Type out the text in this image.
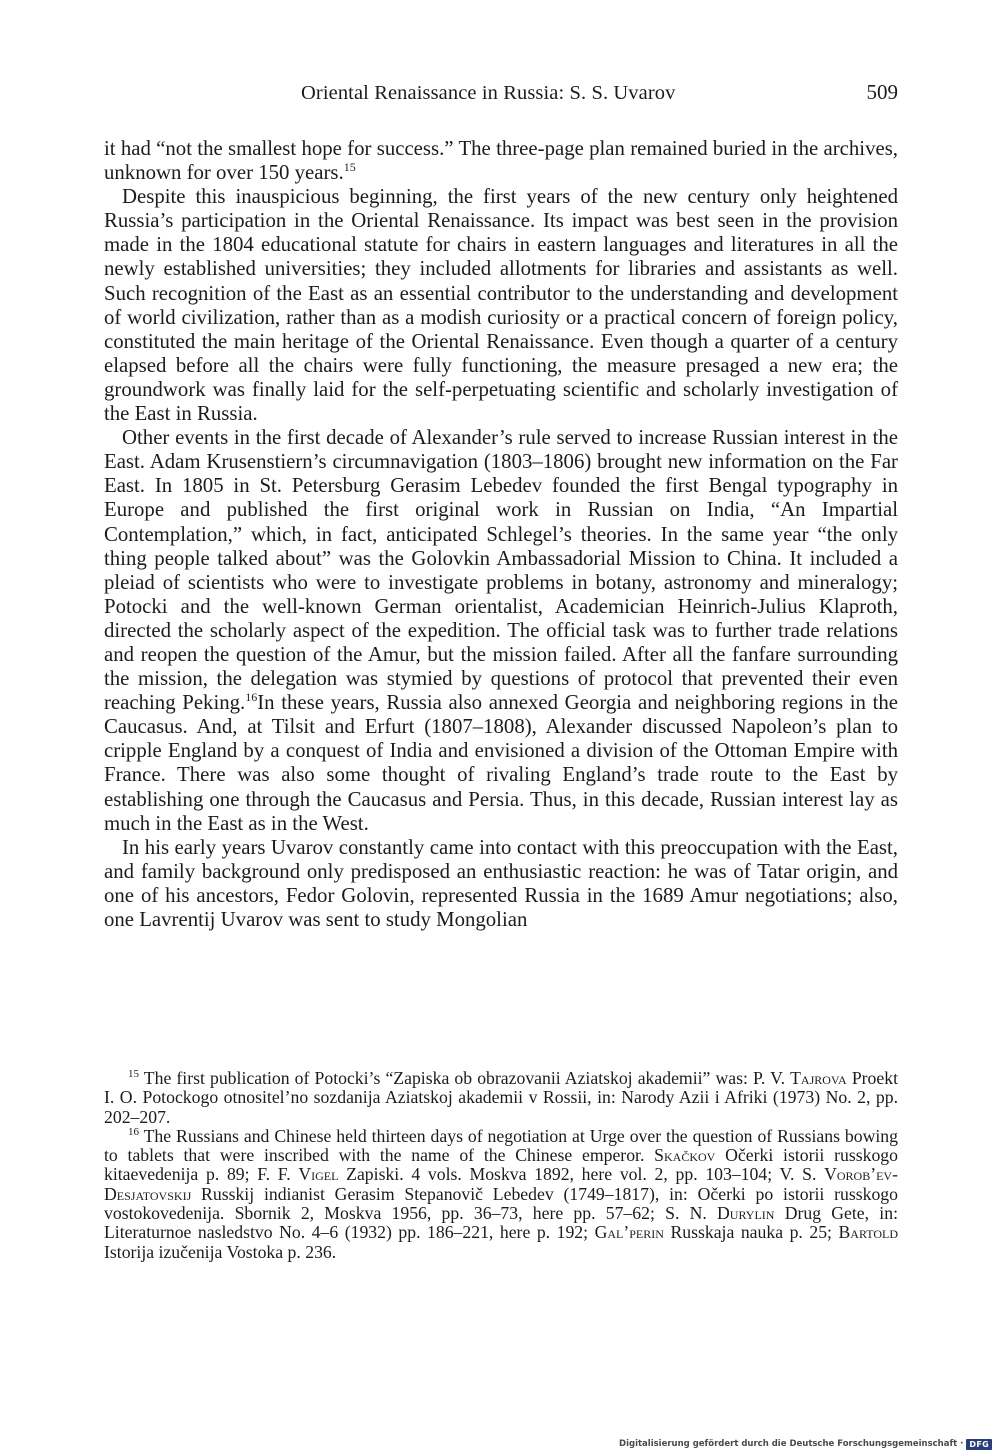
Oriental Renaissance in Russia: S. S. Uvarov	509

it had “not the smallest hope for success.” The three-page plan remained buried in the archives, unknown for over 150 years.$^{15}$

Despite this inauspicious beginning, the first years of the new century only heightened Russia’s participation in the Oriental Renaissance. Its impact was best seen in the provision made in the 1804 educational statute for chairs in eastern languages and literatures in all the newly established universities; they included allotments for libraries and assistants as well. Such recognition of the East as an essential contributor to the understanding and development of world civilization, rather than as a modish curiosity or a practical concern of foreign policy, constituted the main heritage of the Oriental Renaissance. Even though a quarter of a century elapsed before all the chairs were fully functioning, the measure presaged a new era; the groundwork was finally laid for the self-perpetuating scientific and scholarly investigation of the East in Russia.

Other events in the first decade of Alexander’s rule served to increase Russian interest in the East. Adam Krusenstiern’s circumnavigation (1803–1806) brought new information on the Far East. In 1805 in St. Petersburg Gerasim Lebedev founded the first Bengal typography in Europe and published the first original work in Russian on India, “An Impartial Contemplation,” which, in fact, anticipated Schlegel’s theories. In the same year “the only thing people talked about” was the Golovkin Ambassadorial Mission to China. It included a pleiad of scientists who were to investigate problems in botany, astronomy and mineralogy; Potocki and the well-known German orientalist, Academician Heinrich-Julius Klaproth, directed the scholarly aspect of the expedition. The official task was to further trade relations and reopen the question of the Amur, but the mission failed. After all the fanfare surrounding the mission, the delegation was stymied by questions of protocol that prevented their even reaching Peking.$^{16}$In these years, Russia also annexed Georgia and neighboring regions in the Caucasus. And, at Tilsit and Erfurt (1807–1808), Alexander discussed Napoleon’s plan to cripple England by a conquest of India and envisioned a division of the Ottoman Empire with France. There was also some thought of rivaling England’s trade route to the East by establishing one through the Caucasus and Persia. Thus, in this decade, Russian interest lay as much in the East as in the West.

In his early years Uvarov constantly came into contact with this preoccupation with the East, and family background only predisposed an enthusiastic reaction: he was of Tatar origin, and one of his ancestors, Fedor Golovin, represented Russia in the 1689 Amur negotiations; also, one Lavrentij Uvarov was sent to study Mongolian

$^{15}$ The first publication of Potocki’s “Zapiska ob obrazovanii Aziatskoj akademii” was: P. V. Tajrova Proekt I. O. Potockogo otnositel’no sozdanija Aziatskoj akademii v Rossii, in: Narody Azii i Afriki (1973) No. 2, pp. 202–207.

$^{16}$ The Russians and Chinese held thirteen days of negotiation at Urge over the question of Russians bowing to tablets that were inscribed with the name of the Chinese emperor. Skačkov Očerki istorii russkogo kitaevedenija p. 89; F. F. Vigel Zapiski. 4 vols. Moskva 1892, here vol. 2, pp. 103–104; V. S. Vorob’ev-Desjatovskij Russkij indianist Gerasim Stepanovič Lebedev (1749–1817), in: Očerki po istorii russkogo vostokovedenija. Sbornik 2, Moskva 1956, pp. 36–73, here pp. 57–62; S. N. Durylin Drug Gete, in: Literaturnoe nasledstvo No. 4–6 (1932) pp. 186–221, here p. 192; Gal’perin Russkaja nauka p. 25; Bartold Istorija izučenija Vostoka p. 236.

Digitalisierung gefördert durch die Deutsche Forschungsgemeinschaft · DFG
